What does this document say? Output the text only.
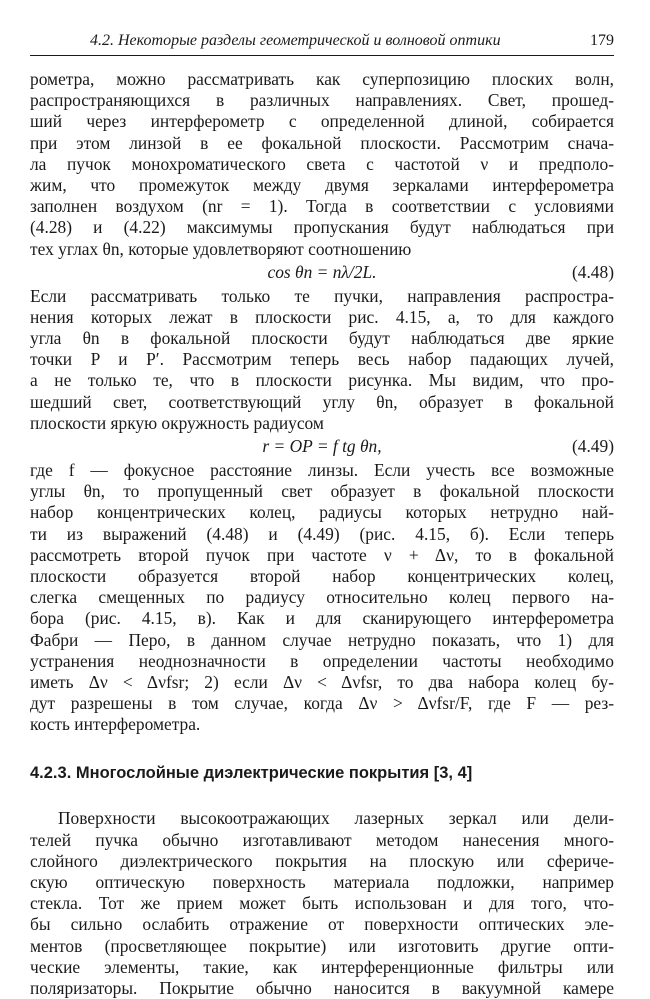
4.2. Некоторые разделы геометрической и волновой оптики	179
рометра, можно рассматривать как суперпозицию плоских волн,
распространяющихся в различных направлениях. Свет, прошед-
ший через интерферометр с определенной длиной, собирается
при этом линзой в ее фокальной плоскости. Рассмотрим снача-
ла пучок монохроматического света с частотой ν и предполо-
жим, что промежуток между двумя зеркалами интерферометра
заполнен воздухом (nr = 1). Тогда в соответствии с условиями
(4.28) и (4.22) максимумы пропускания будут наблюдаться при
тех углах θn, которые удовлетворяют соотношению
cos θn = nλ/2L.	(4.48)
Если рассматривать только те пучки, направления распростра-
нения которых лежат в плоскости рис. 4.15, а, то для каждого
угла θn в фокальной плоскости будут наблюдаться две яркие
точки P и P′. Рассмотрим теперь весь набор падающих лучей,
а не только те, что в плоскости рисунка. Мы видим, что про-
шедший свет, соответствующий углу θn, образует в фокальной
плоскости яркую окружность радиусом
r = OP = f tg θn,	(4.49)
где f — фокусное расстояние линзы. Если учесть все возможные
углы θn, то пропущенный свет образует в фокальной плоскости
набор концентрических колец, радиусы которых нетрудно най-
ти из выражений (4.48) и (4.49) (рис. 4.15, б). Если теперь
рассмотреть второй пучок при частоте ν + Δν, то в фокальной
плоскости образуется второй набор концентрических колец,
слегка смещенных по радиусу относительно колец первого на-
бора (рис. 4.15, в). Как и для сканирующего интерферометра
Фабри — Перо, в данном случае нетрудно показать, что 1) для
устранения неоднозначности в определении частоты необходимо
иметь Δν < Δνfsr; 2) если Δν < Δνfsr, то два набора колец бу-
дут разрешены в том случае, когда Δν > Δνfsr/F, где F — рез-
кость интерферометра.
4.2.3. Многослойные диэлектрические покрытия [3, 4]
Поверхности высокоотражающих лазерных зеркал или дели-
телей пучка обычно изготавливают методом нанесения много-
слойного диэлектрического покрытия на плоскую или сфериче-
скую оптическую поверхность материала подложки, например
стекла. Тот же прием может быть использован и для того, что-
бы сильно ослабить отражение от поверхности оптических эле-
ментов (просветляющее покрытие) или изготовить другие опти-
ческие элементы, такие, как интерференционные фильтры или
поляризаторы. Покрытие обычно наносится в вакуумной камере
